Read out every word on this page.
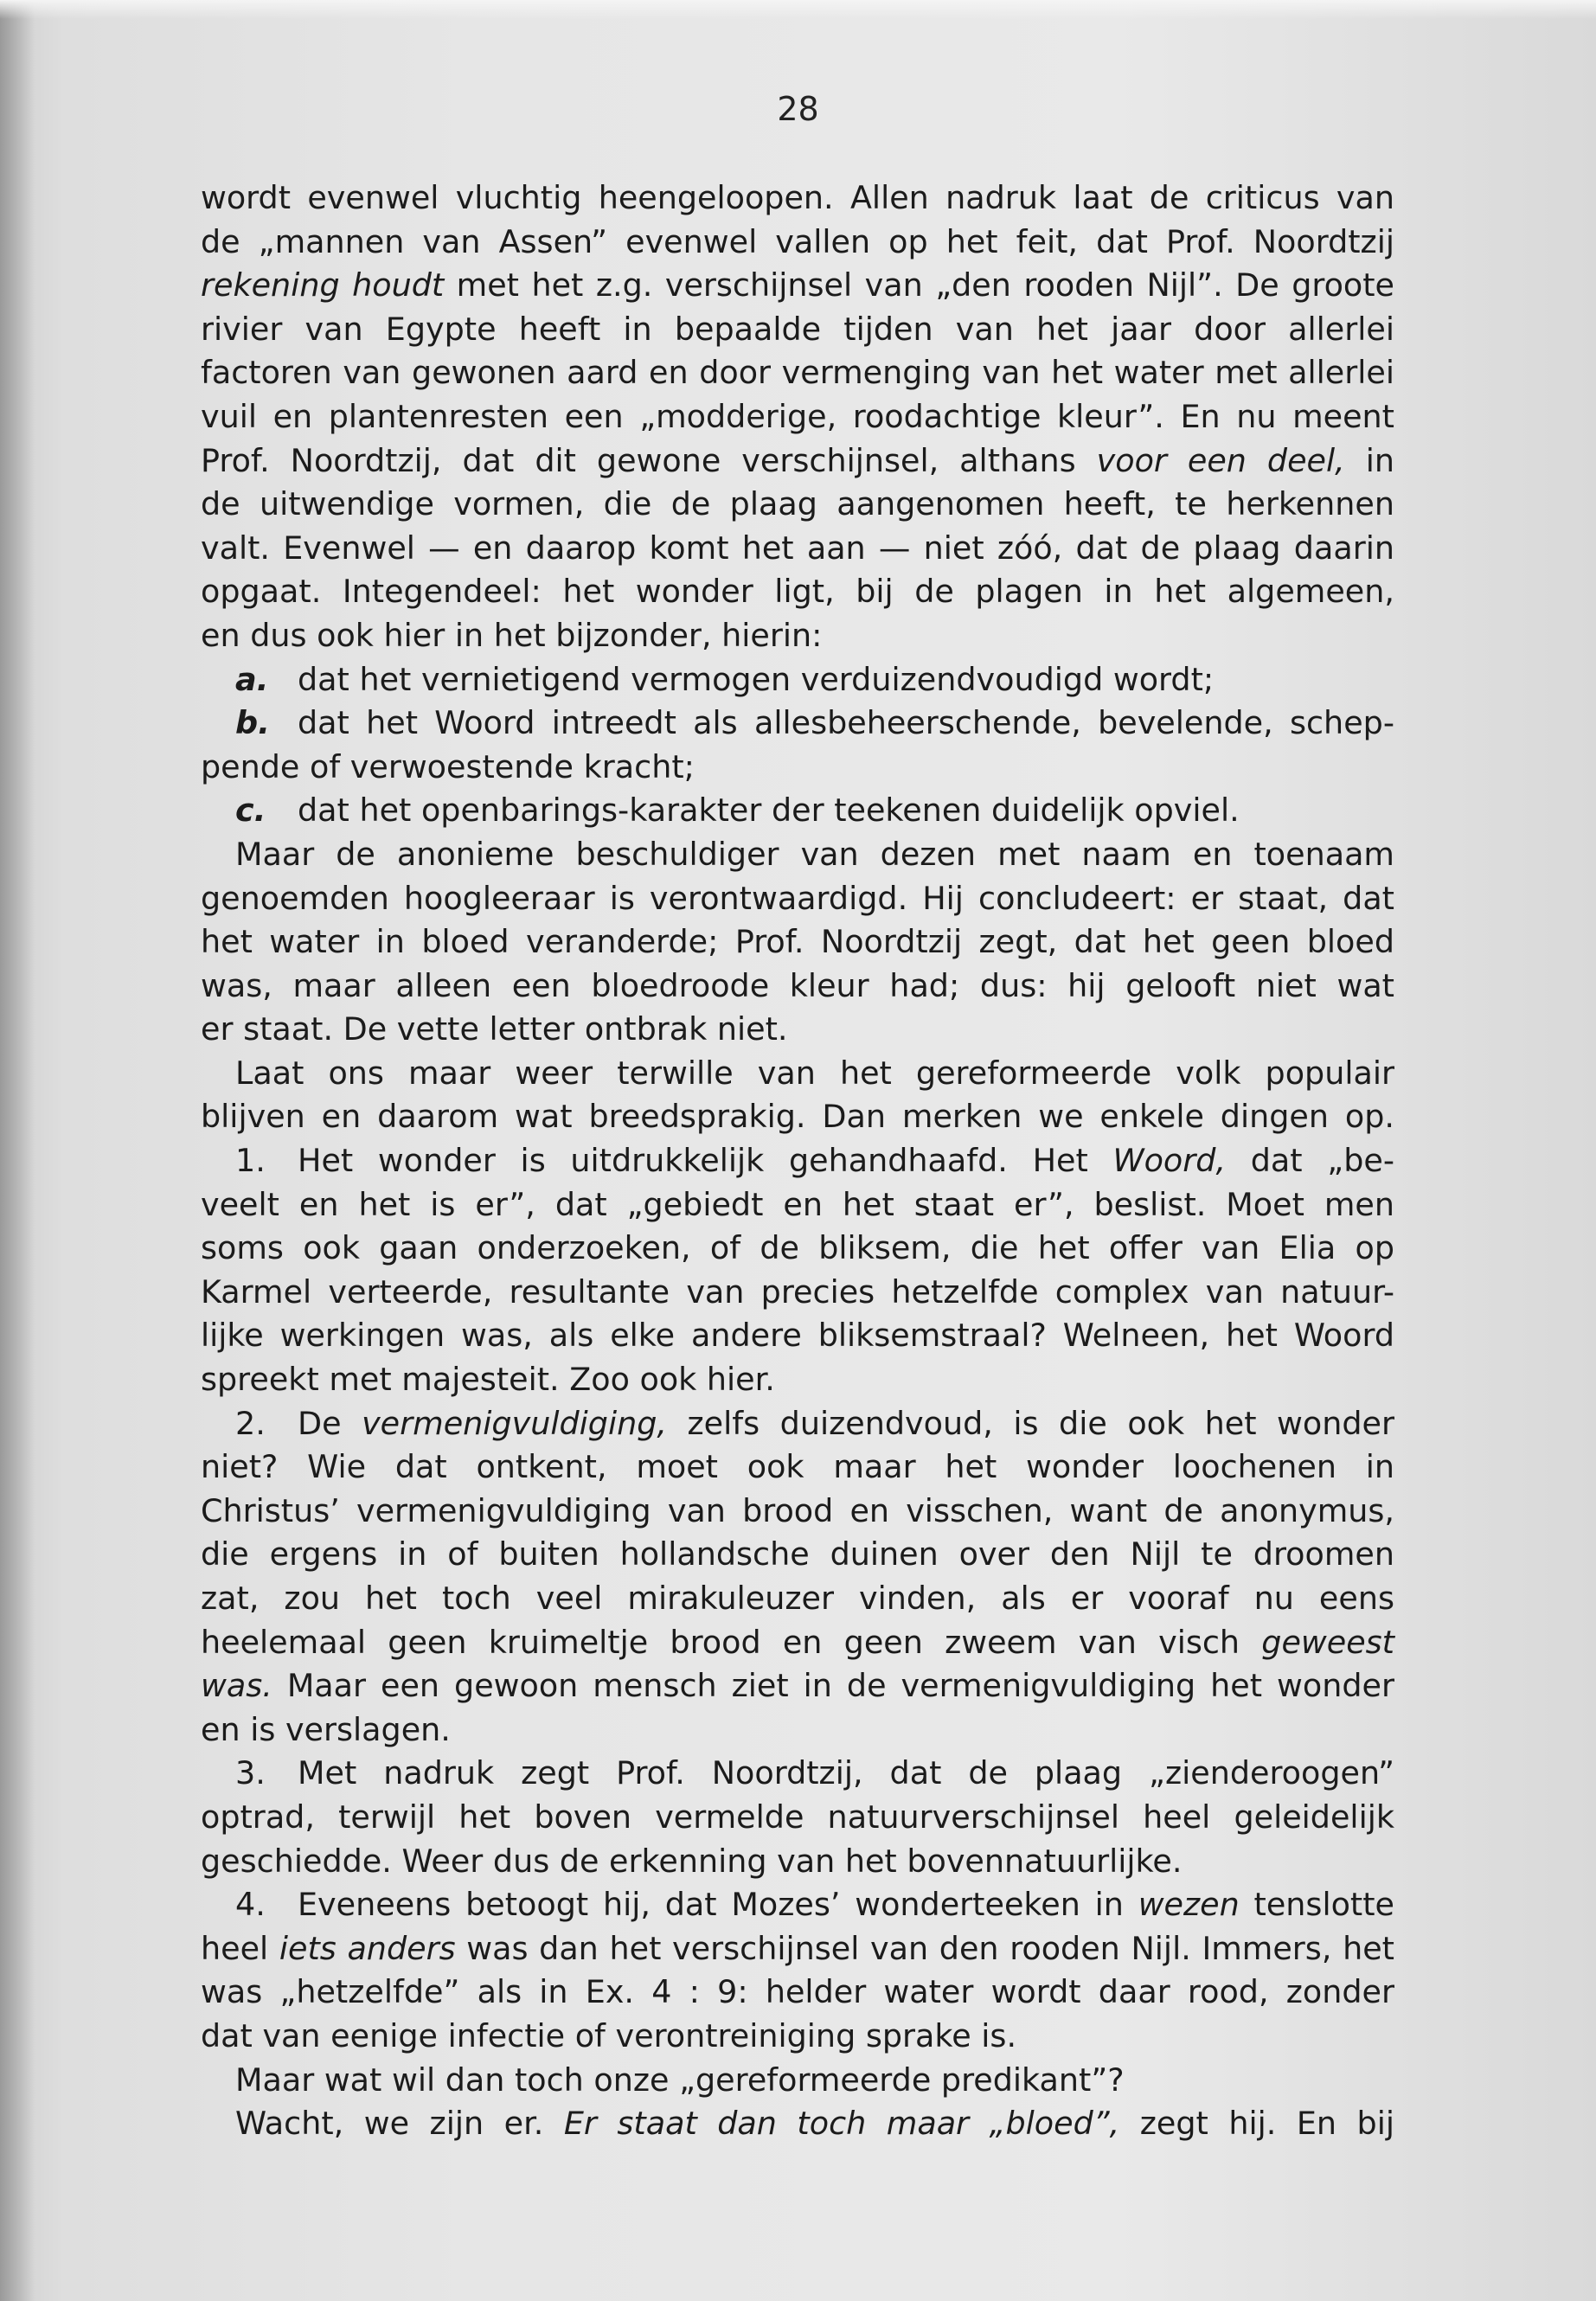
28
wordt evenwel vluchtig heengeloopen. Allen nadruk laat de criticus van
de „mannen van Assen” evenwel vallen op het feit, dat Prof. Noordtzij
rekening houdt met het z.g. verschijnsel van „den rooden Nijl”. De groote
rivier van Egypte heeft in bepaalde tijden van het jaar door allerlei
factoren van gewonen aard en door vermenging van het water met allerlei
vuil en plantenresten een „modderige, roodachtige kleur”. En nu meent
Prof. Noordtzij, dat dit gewone verschijnsel, althans voor een deel, in
de uitwendige vormen, die de plaag aangenomen heeft, te herkennen
valt. Evenwel — en daarop komt het aan — niet zóó, dat de plaag daarin
opgaat. Integendeel: het wonder ligt, bij de plagen in het algemeen,
en dus ook hier in het bijzonder, hierin:
a. dat het vernietigend vermogen verduizendvoudigd wordt;
b. dat het Woord intreedt als allesbeheerschende, bevelende, schep-
pende of verwoestende kracht;
c. dat het openbarings-karakter der teekenen duidelijk opviel.
Maar de anonieme beschuldiger van dezen met naam en toenaam
genoemden hoogleeraar is verontwaardigd. Hij concludeert: er staat, dat
het water in bloed veranderde; Prof. Noordtzij zegt, dat het geen bloed
was, maar alleen een bloedroode kleur had; dus: hij gelooft niet wat
er staat. De vette letter ontbrak niet.
Laat ons maar weer terwille van het gereformeerde volk populair
blijven en daarom wat breedsprakig. Dan merken we enkele dingen op.
1. Het wonder is uitdrukkelijk gehandhaafd. Het Woord, dat „be-
veelt en het is er”, dat „gebiedt en het staat er”, beslist. Moet men
soms ook gaan onderzoeken, of de bliksem, die het offer van Elia op
Karmel verteerde, resultante van precies hetzelfde complex van natuur-
lijke werkingen was, als elke andere bliksemstraal? Welneen, het Woord
spreekt met majesteit. Zoo ook hier.
2. De vermenigvuldiging, zelfs duizendvoud, is die ook het wonder
niet? Wie dat ontkent, moet ook maar het wonder loochenen in
Christus’ vermenigvuldiging van brood en visschen, want de anonymus,
die ergens in of buiten hollandsche duinen over den Nijl te droomen
zat, zou het toch veel mirakuleuzer vinden, als er vooraf nu eens
heelemaal geen kruimeltje brood en geen zweem van visch geweest
was. Maar een gewoon mensch ziet in de vermenigvuldiging het wonder
en is verslagen.
3. Met nadruk zegt Prof. Noordtzij, dat de plaag „zienderoogen”
optrad, terwijl het boven vermelde natuurverschijnsel heel geleidelijk
geschiedde. Weer dus de erkenning van het bovennatuurlijke.
4. Eveneens betoogt hij, dat Mozes’ wonderteeken in wezen tenslotte
heel iets anders was dan het verschijnsel van den rooden Nijl. Immers, het
was „hetzelfde” als in Ex. 4 : 9: helder water wordt daar rood, zonder
dat van eenige infectie of verontreiniging sprake is.
Maar wat wil dan toch onze „gereformeerde predikant”?
Wacht, we zijn er. Er staat dan toch maar „bloed”, zegt hij. En bij
